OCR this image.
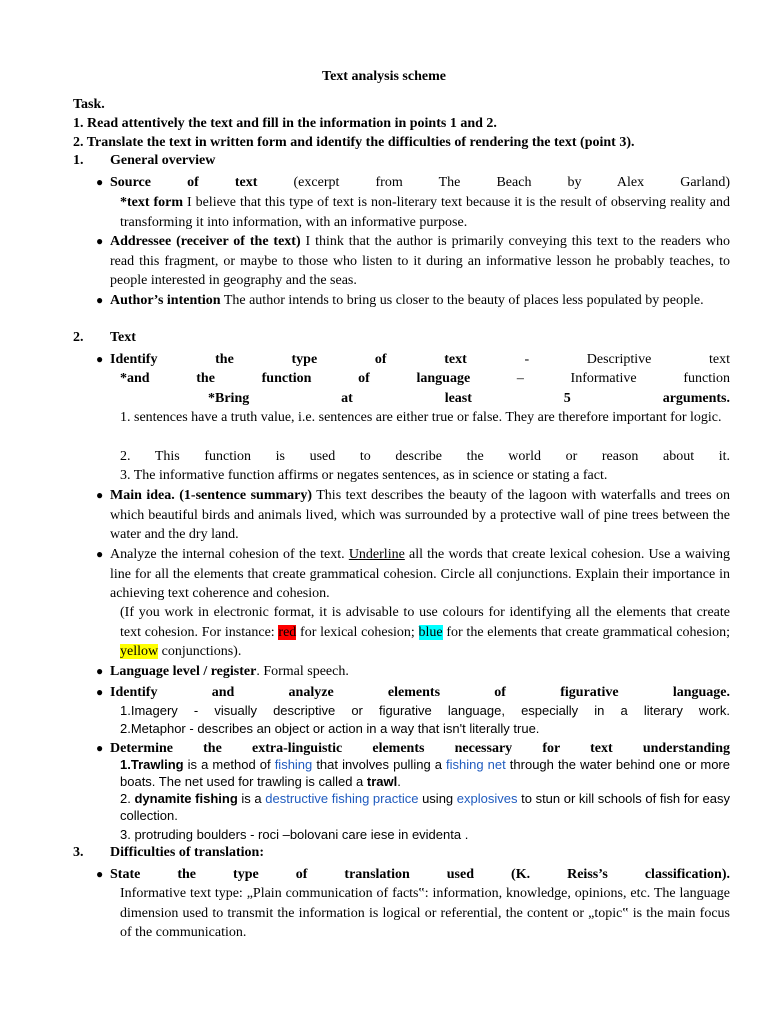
Text analysis scheme
Task.
1. Read attentively the text and fill in the information in points 1 and 2.
2. Translate the text in written form and identify the difficulties of rendering the text (point 3).
1. General overview
● Source of text (excerpt from The Beach by Alex Garland)
*text form I believe that this type of text is non-literary text because it is the result of observing reality and transforming it into information, with an informative purpose.
● Addressee (receiver of the text) I think that the author is primarily conveying this text to the readers who read this fragment, or maybe to those who listen to it during an informative lesson he probably teaches, to people interested in geography and the seas.
● Author’s intention The author intends to bring us closer to the beauty of places less populated by people.
2. Text
● Identify the type of text	- Descriptive text
*and the function of language	– Informative function
*Bring at least 5 arguments.
1. sentences have a truth value, i.e. sentences are either true or false. They are therefore important for logic.
2. This function is used to describe the world or reason about it.
3. The informative function affirms or negates sentences, as in science or stating a fact.
● Main idea. (1-sentence summary) This text describes the beauty of the lagoon with waterfalls and trees on which beautiful birds and animals lived, which was surrounded by a protective wall of pine trees between the water and the dry land.
● Analyze the internal cohesion of the text. Underline all the words that create lexical cohesion. Use a waiving line for all the elements that create grammatical cohesion. Circle all conjunctions. Explain their importance in achieving text coherence and cohesion.
(If you work in electronic format, it is advisable to use colours for identifying all the elements that create text cohesion. For instance: red for lexical cohesion; blue for the elements that create grammatical cohesion; yellow conjunctions).
● Language level / register. Formal speech.
● Identify and analyze elements of figurative language.
1.Imagery - visually descriptive or figurative language, especially in a literary work.
2.Metaphor - describes an object or action in a way that isn't literally true.
● Determine the extra-linguistic elements necessary for text understanding
1.Trawling is a method of fishing that involves pulling a fishing net through the water behind one or more boats. The net used for trawling is called a trawl.
2. dynamite fishing is a destructive fishing practice using explosives to stun or kill schools of fish for easy collection.
3. protruding boulders - roci –bolovani care iese in evidenta .
3. Difficulties of translation:
● State the type of translation used (K. Reiss’s classification).
Informative text type: „Plain communication of facts‟: information, knowledge, opinions, etc. The language dimension used to transmit the information is logical or referential, the content or „topic‟ is the main focus of the communication.
